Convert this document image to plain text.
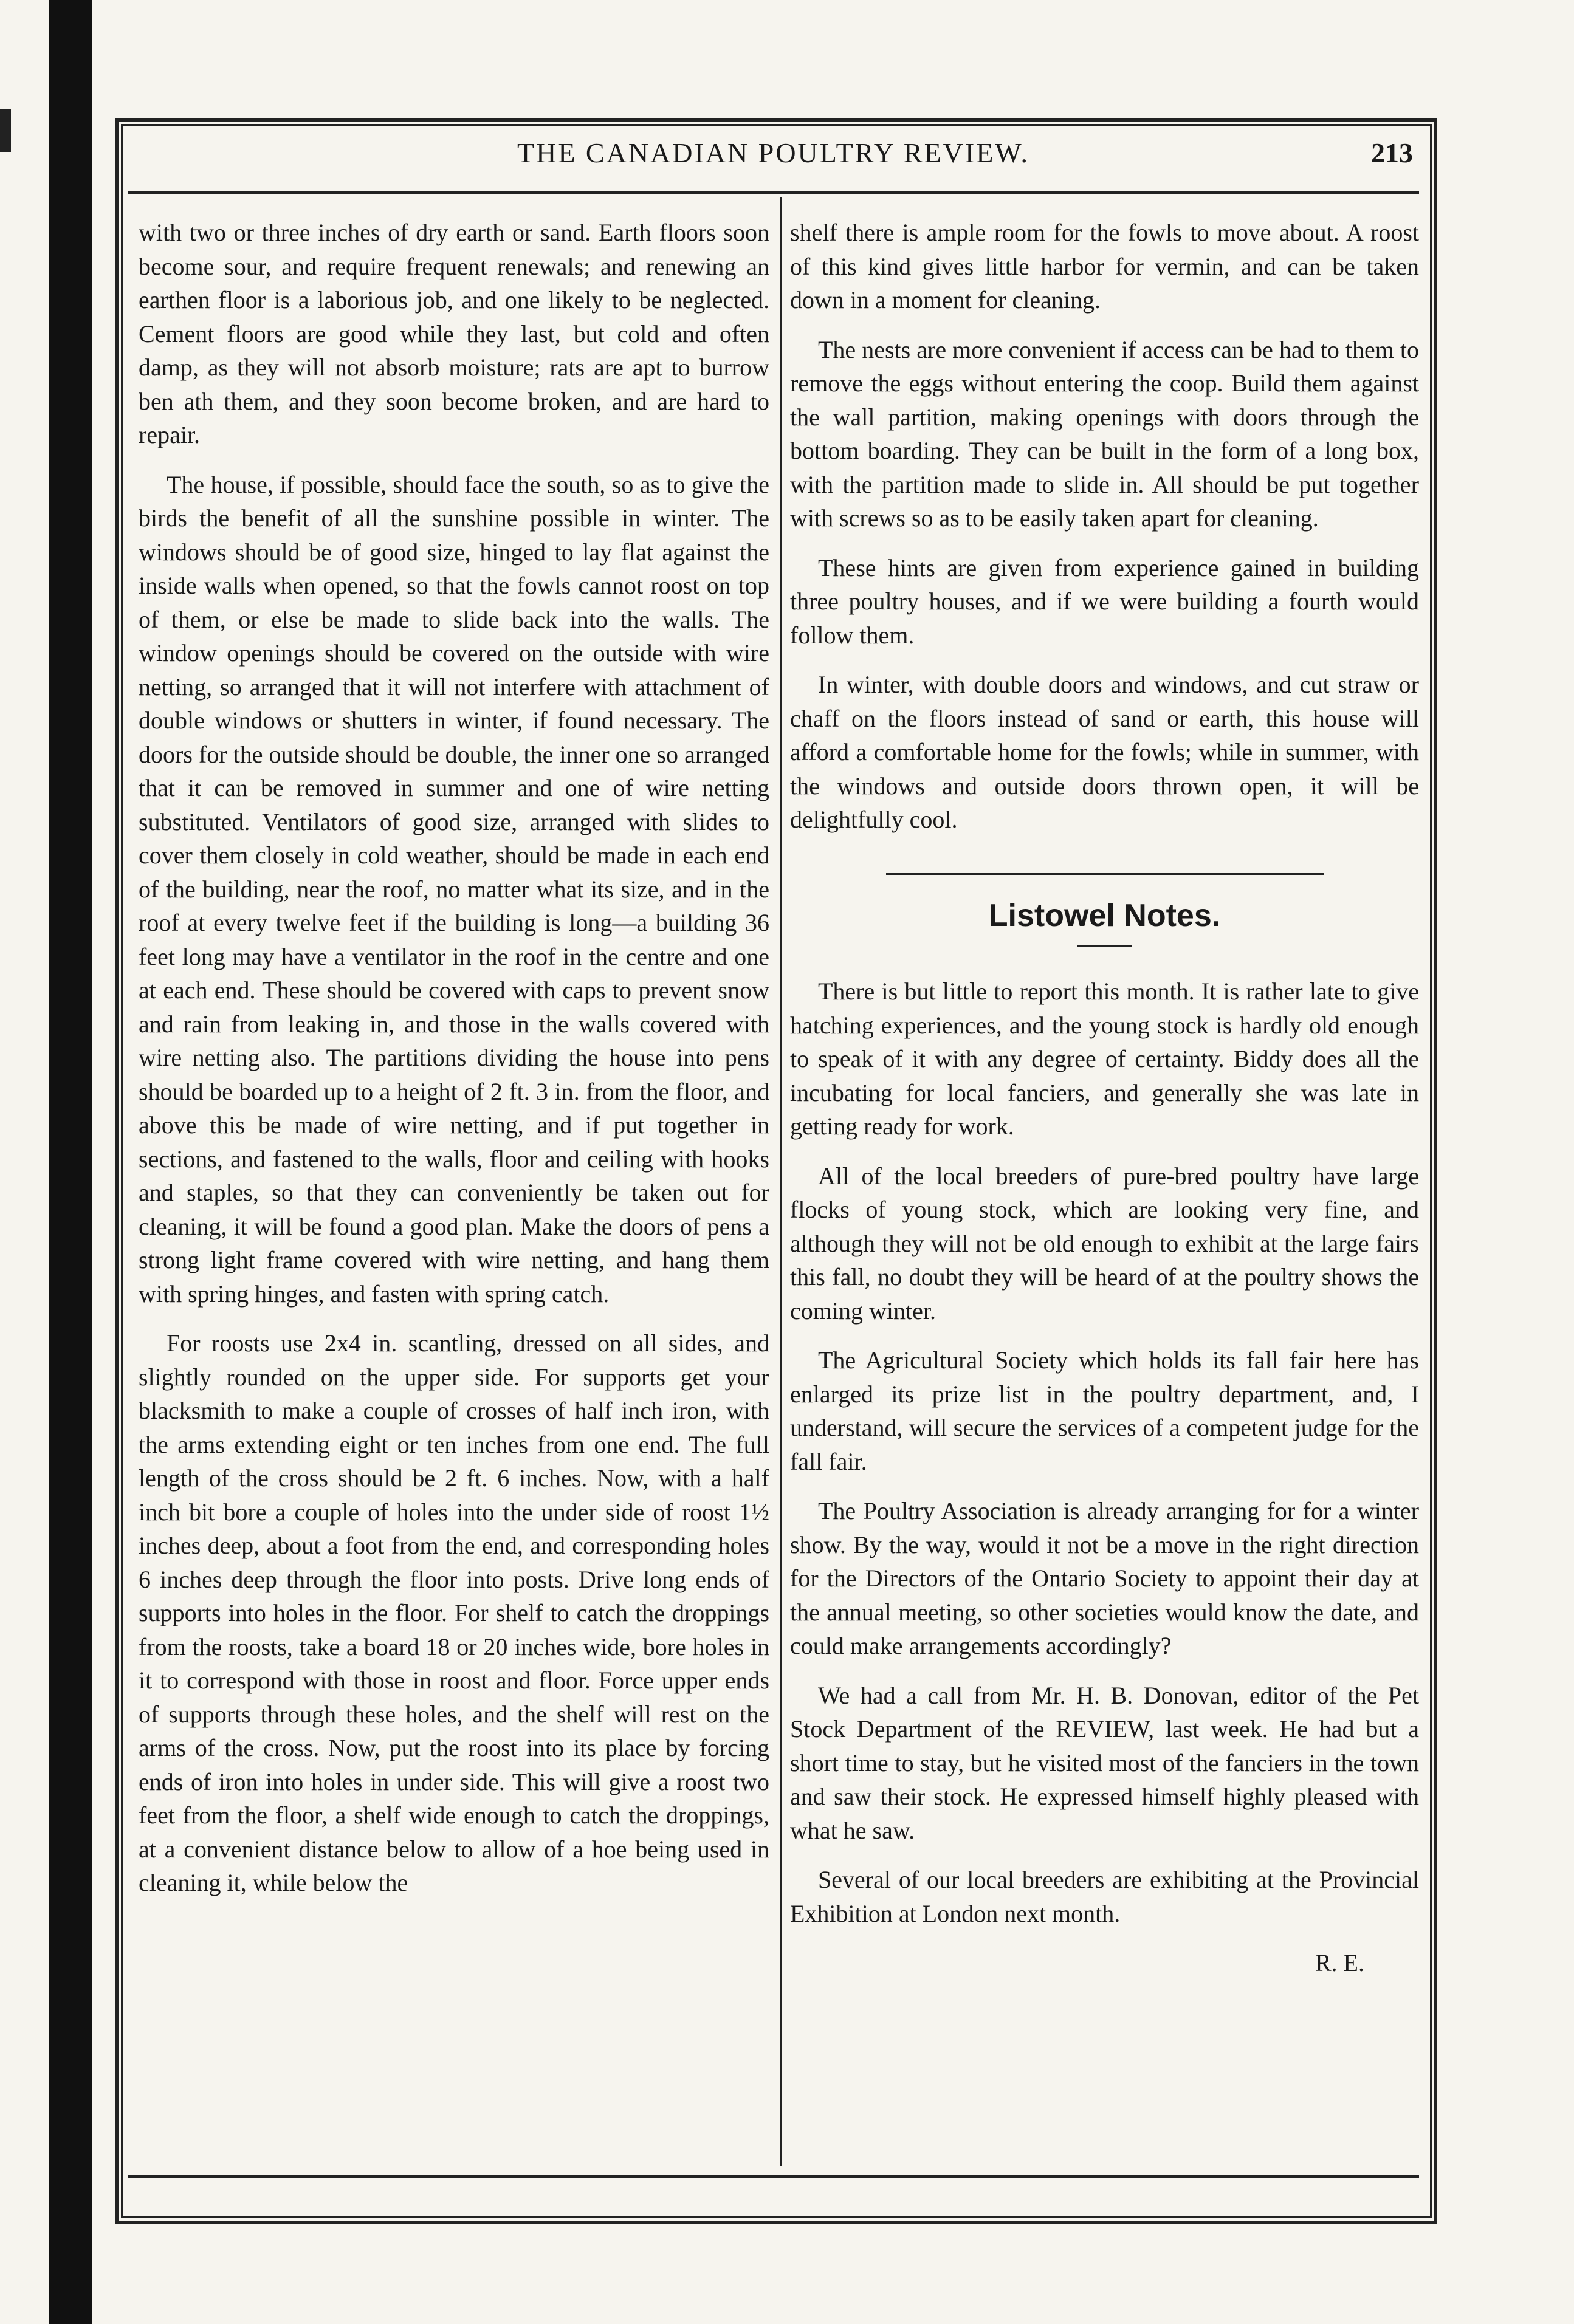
THE CANADIAN POULTRY REVIEW.	213

with two or three inches of dry earth or sand. Earth floors soon become sour, and require frequent renewals; and renewing an earthen floor is a laborious job, and one likely to be neglected. Cement floors are good while they last, but cold and often damp, as they will not absorb moisture; rats are apt to burrow ben ath them, and they soon become broken, and are hard to repair.

The house, if possible, should face the south, so as to give the birds the benefit of all the sunshine possible in winter. The windows should be of good size, hinged to lay flat against the inside walls when opened, so that the fowls cannot roost on top of them, or else be made to slide back into the walls. The window openings should be covered on the outside with wire netting, so arranged that it will not interfere with attachment of double windows or shutters in winter, if found necessary. The doors for the outside should be double, the inner one so arranged that it can be removed in summer and one of wire netting substituted. Ventilators of good size, arranged with slides to cover them closely in cold weather, should be made in each end of the building, near the roof, no matter what its size, and in the roof at every twelve feet if the building is long—a building 36 feet long may have a ventilator in the roof in the centre and one at each end. These should be covered with caps to prevent snow and rain from leaking in, and those in the walls covered with wire netting also. The partitions dividing the house into pens should be boarded up to a height of 2 ft. 3 in. from the floor, and above this be made of wire netting, and if put together in sections, and fastened to the walls, floor and ceiling with hooks and staples, so that they can conveniently be taken out for cleaning, it will be found a good plan. Make the doors of pens a strong light frame covered with wire netting, and hang them with spring hinges, and fasten with spring catch.

For roosts use 2x4 in. scantling, dressed on all sides, and slightly rounded on the upper side. For supports get your blacksmith to make a couple of crosses of half inch iron, with the arms extending eight or ten inches from one end. The full length of the cross should be 2 ft. 6 inches. Now, with a half inch bit bore a couple of holes into the under side of roost 1½ inches deep, about a foot from the end, and corresponding holes 6 inches deep through the floor into posts. Drive long ends of supports into holes in the floor. For shelf to catch the droppings from the roosts, take a board 18 or 20 inches wide, bore holes in it to correspond with those in roost and floor. Force upper ends of supports through these holes, and the shelf will rest on the arms of the cross. Now, put the roost into its place by forcing ends of iron into holes in under side. This will give a roost two feet from the floor, a shelf wide enough to catch the droppings, at a convenient distance below to allow of a hoe being used in cleaning it, while below the

shelf there is ample room for the fowls to move about. A roost of this kind gives little harbor for vermin, and can be taken down in a moment for cleaning.

The nests are more convenient if access can be had to them to remove the eggs without entering the coop. Build them against the wall partition, making openings with doors through the bottom boarding. They can be built in the form of a long box, with the partition made to slide in. All should be put together with screws so as to be easily taken apart for cleaning.

These hints are given from experience gained in building three poultry houses, and if we were building a fourth would follow them.

In winter, with double doors and windows, and cut straw or chaff on the floors instead of sand or earth, this house will afford a comfortable home for the fowls; while in summer, with the windows and outside doors thrown open, it will be delightfully cool.

Listowel Notes.

There is but little to report this month. It is rather late to give hatching experiences, and the young stock is hardly old enough to speak of it with any degree of certainty. Biddy does all the incubating for local fanciers, and generally she was late in getting ready for work.

All of the local breeders of pure-bred poultry have large flocks of young stock, which are looking very fine, and although they will not be old enough to exhibit at the large fairs this fall, no doubt they will be heard of at the poultry shows the coming winter.

The Agricultural Society which holds its fall fair here has enlarged its prize list in the poultry department, and, I understand, will secure the services of a competent judge for the fall fair.

The Poultry Association is already arranging for for a winter show. By the way, would it not be a move in the right direction for the Directors of the Ontario Society to appoint their day at the annual meeting, so other societies would know the date, and could make arrangements accordingly?

We had a call from Mr. H. B. Donovan, editor of the Pet Stock Department of the REVIEW, last week. He had but a short time to stay, but he visited most of the fanciers in the town and saw their stock. He expressed himself highly pleased with what he saw.

Several of our local breeders are exhibiting at the Provincial Exhibition at London next month.

R. E.
